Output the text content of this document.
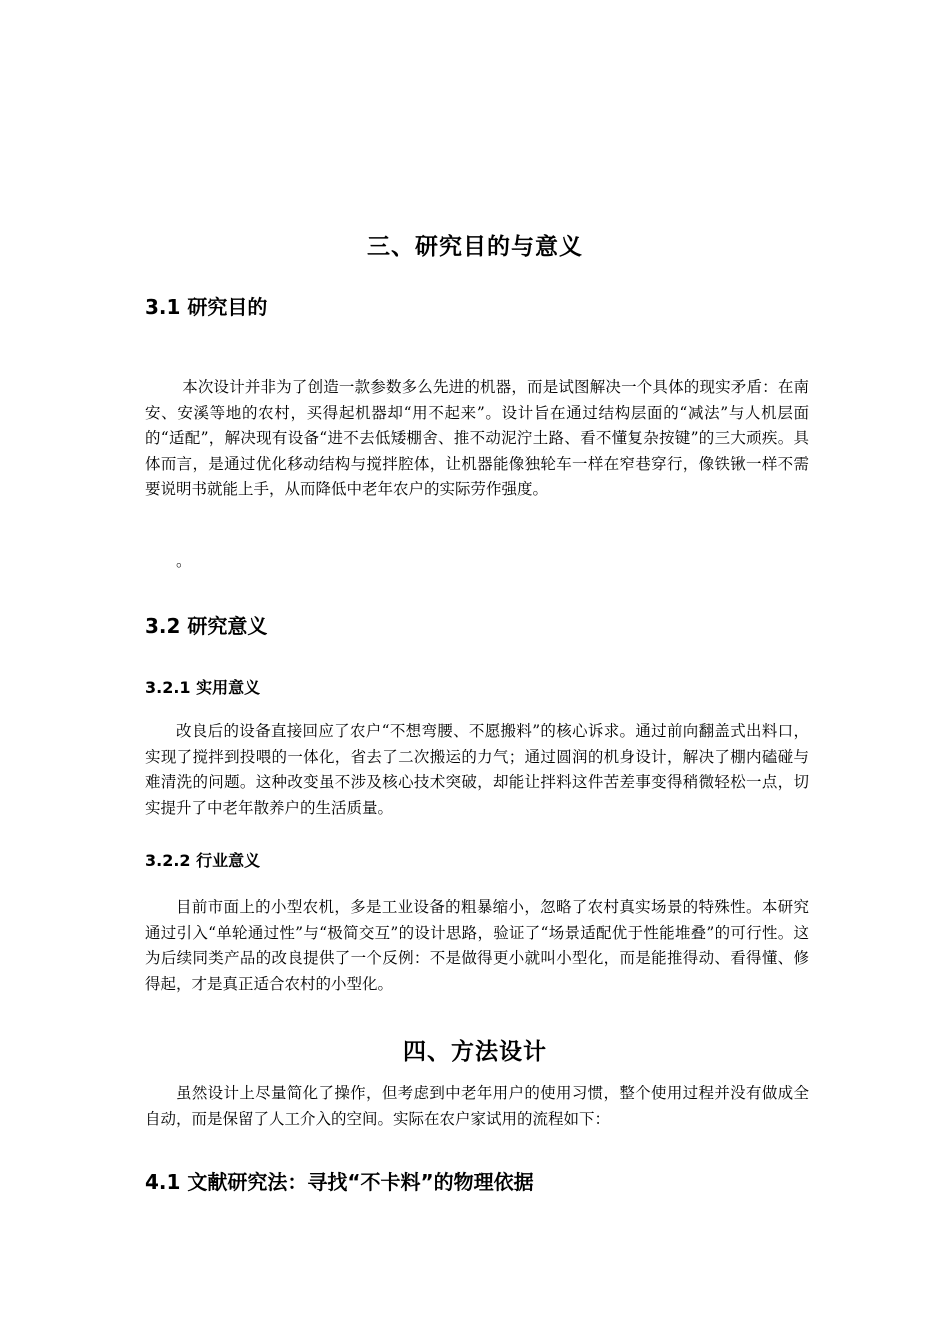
三、研究目的与意义
3.1 研究目的

本次设计并非为了创造一款参数多么先进的机器，而是试图解决一个具体的现实矛盾：在南安、安溪等地的农村，买得起机器却“用不起来”。设计旨在通过结构层面的“减法”与人机层面的“适配”，解决现有设备“进不去低矮棚舍、推不动泥泞土路、看不懂复杂按键”的三大顽疾。具体而言，是通过优化移动结构与搅拌腔体，让机器能像独轮车一样在窄巷穿行，像铁锹一样不需要说明书就能上手，从而降低中老年农户的实际劳作强度。

。
3.2 研究意义
3.2.1 实用意义

改良后的设备直接回应了农户“不想弯腰、不愿搬料”的核心诉求。通过前向翻盖式出料口，实现了搅拌到投喂的一体化，省去了二次搬运的力气；通过圆润的机身设计，解决了棚内磕碰与难清洗的问题。这种改变虽不涉及核心技术突破，却能让拌料这件苦差事变得稍微轻松一点，切实提升了中老年散养户的生活质量。

3.2.2 行业意义

目前市面上的小型农机，多是工业设备的粗暴缩小，忽略了农村真实场景的特殊性。本研究通过引入“单轮通过性”与“极简交互”的设计思路，验证了“场景适配优于性能堆叠”的可行性。这为后续同类产品的改良提供了一个反例：不是做得更小就叫小型化，而是能推得动、看得懂、修得起，才是真正适合农村的小型化。

四、方法设计

虽然设计上尽量简化了操作，但考虑到中老年用户的使用习惯，整个使用过程并没有做成全自动，而是保留了人工介入的空间。实际在农户家试用的流程如下：

4.1 文献研究法：寻找“不卡料”的物理依据
